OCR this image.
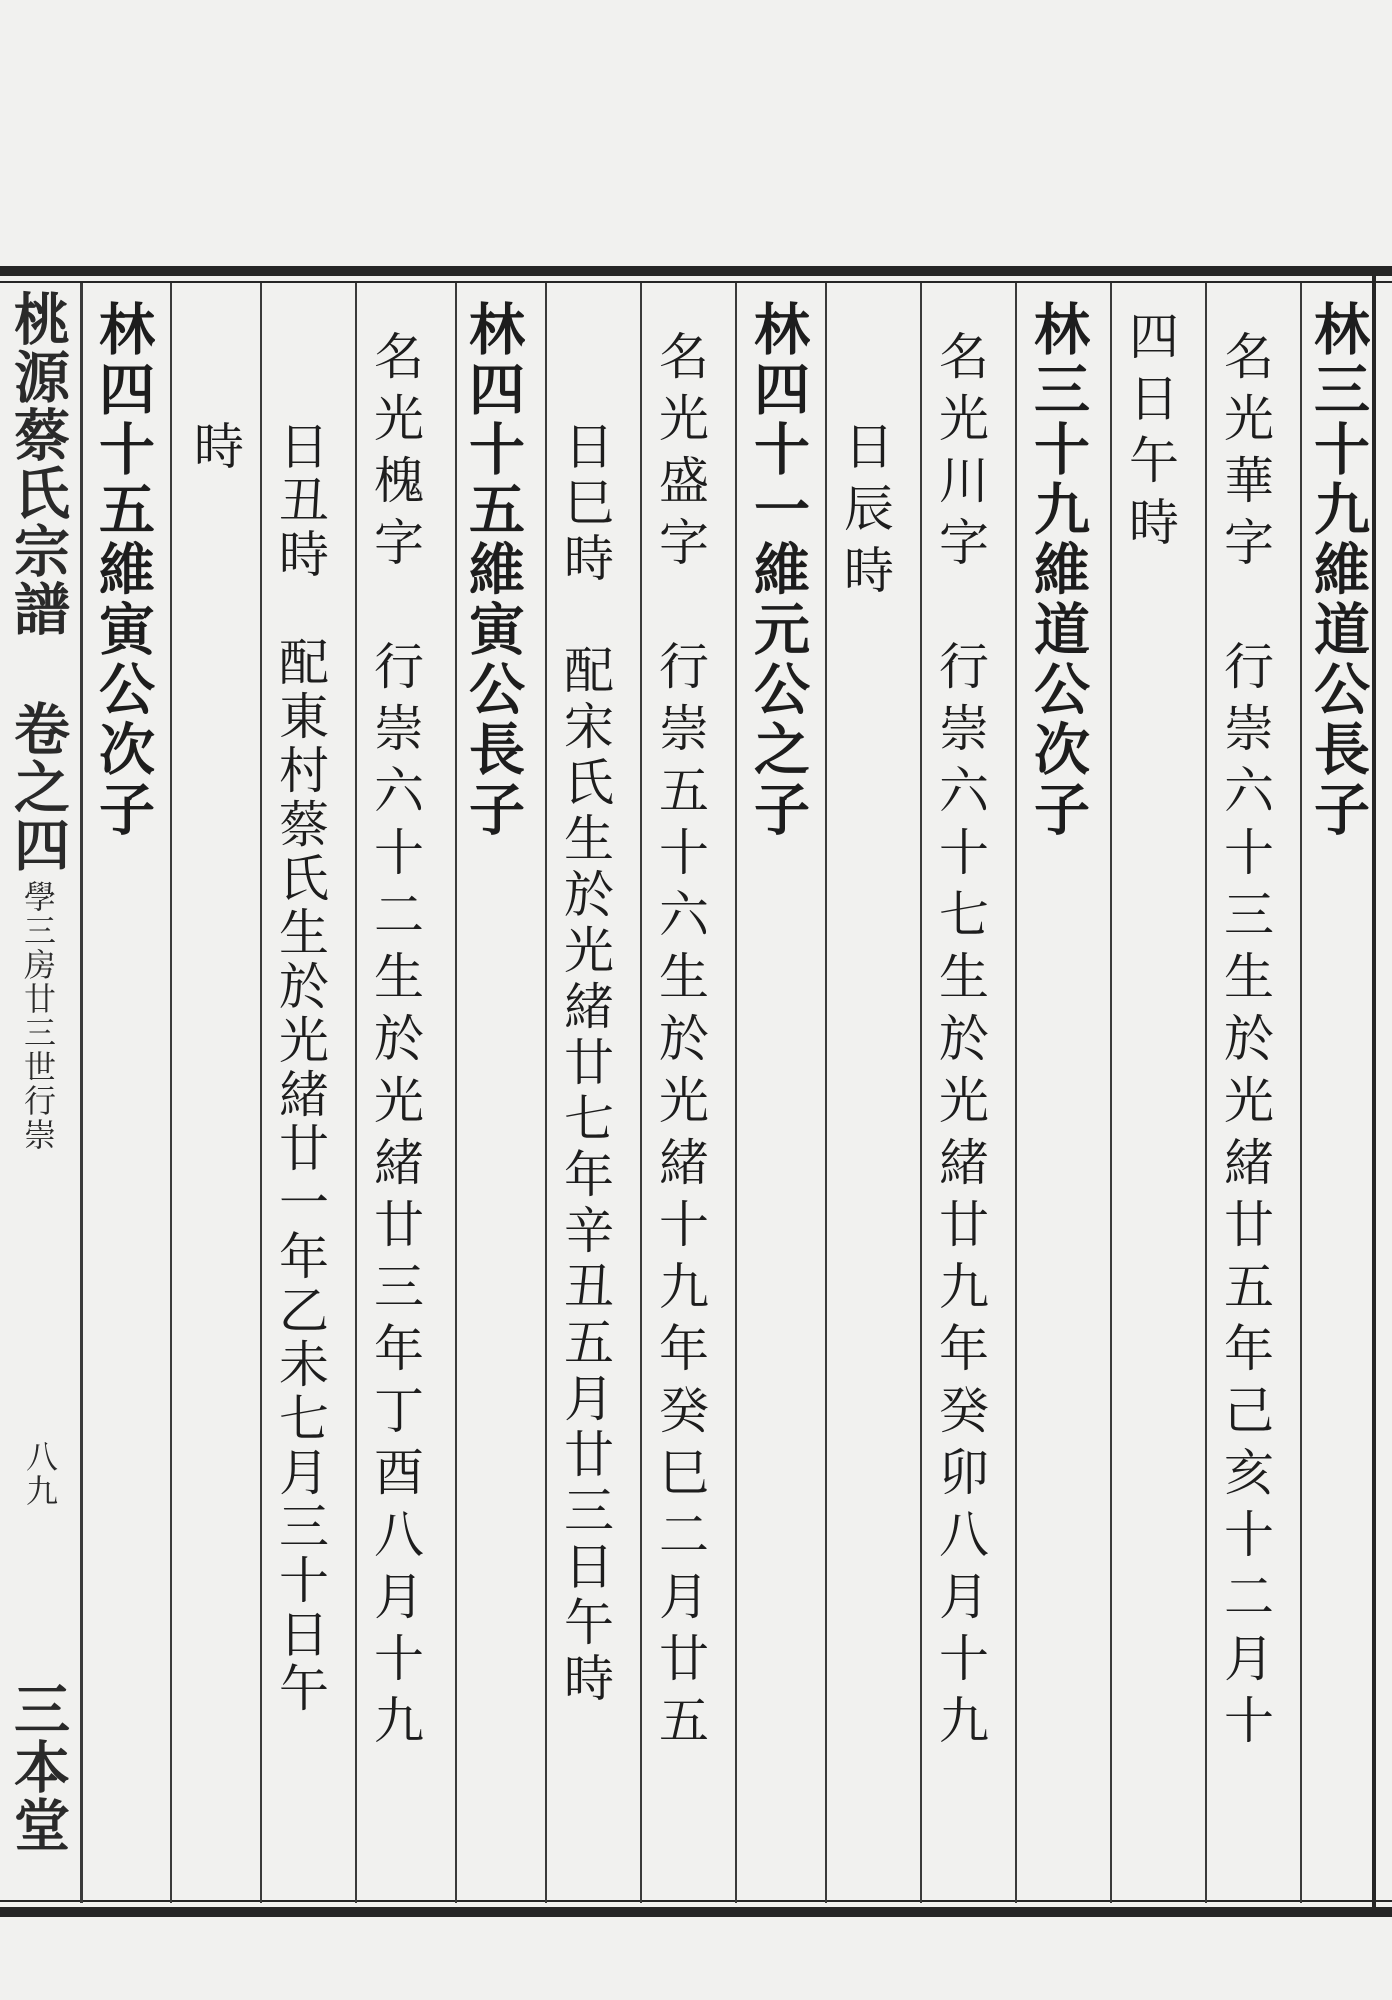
桃源蔡氏宗譜
卷之四
學三房廿三世行崇
八九
三本堂
林三十九維道公長子
名光華字　行崇六十三生於光緒廿五年己亥十二月十
四日午時
林三十九維道公次子
名光川字　行崇六十七生於光緒廿九年癸卯八月十九
日辰時
林四十一維元公之子
名光盛字　行崇五十六生於光緒十九年癸巳二月廿五
日巳時　配宋氏生於光緒廿七年辛丑五月廿三日午時
林四十五維寅公長子
名光槐字　行崇六十二生於光緒廿三年丁酉八月十九
日丑時　配東村蔡氏生於光緒廿一年乙未七月三十日午
時
林四十五維寅公次子
